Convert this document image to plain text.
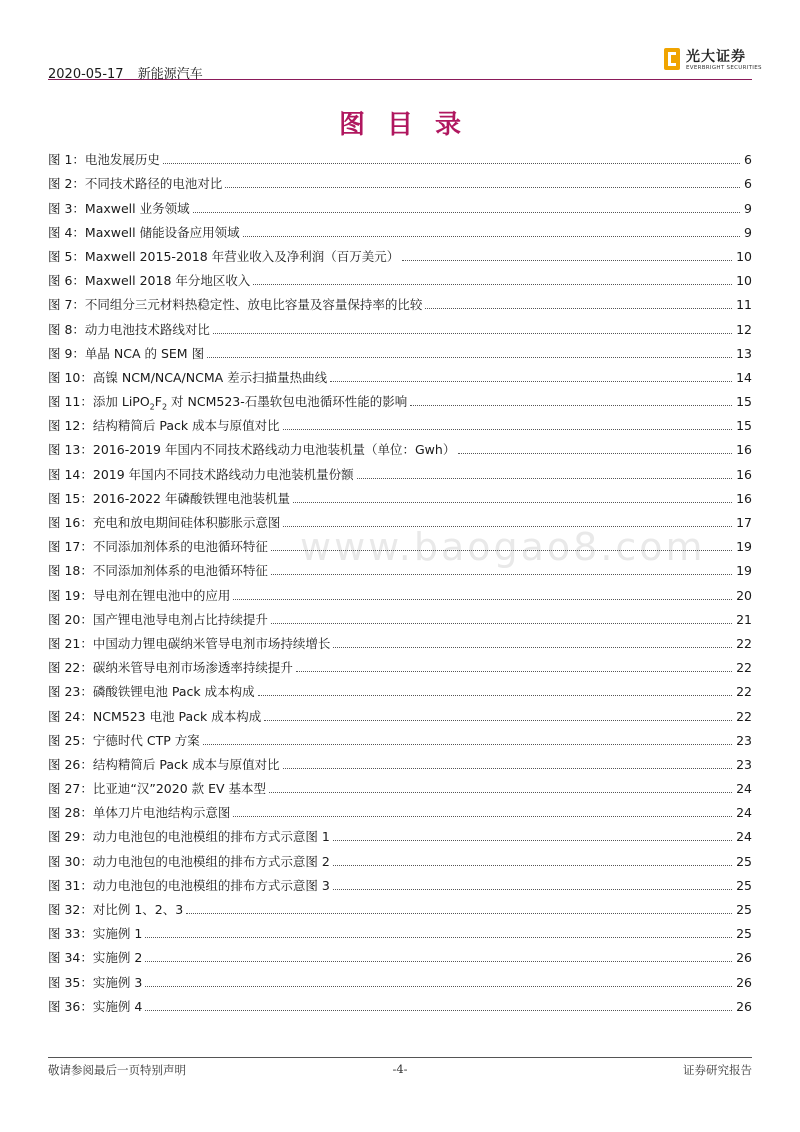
2020-05-17 新能源汽车
光大证券
EVERBRIGHT SECURITIES
图目录
www.baogao8.com
图 1：电池发展历史	6
图 2：不同技术路径的电池对比	6
图 3：Maxwell 业务领域	9
图 4：Maxwell 储能设备应用领域	9
图 5：Maxwell 2015-2018 年营业收入及净利润（百万美元）	10
图 6：Maxwell 2018 年分地区收入	10
图 7：不同组分三元材料热稳定性、放电比容量及容量保持率的比较	11
图 8：动力电池技术路线对比	12
图 9：单晶 NCA 的 SEM 图	13
图 10：高镍 NCM/NCA/NCMA 差示扫描量热曲线	14
图 11：添加 $LiPO_2F_2$ 对 NCM523-石墨软包电池循环性能的影响	15
图 12：结构精简后 Pack 成本与原值对比	15
图 13：2016-2019 年国内不同技术路线动力电池装机量（单位：Gwh）	16
图 14：2019 年国内不同技术路线动力电池装机量份额	16
图 15：2016-2022 年磷酸铁锂电池装机量	16
图 16：充电和放电期间硅体积膨胀示意图	17
图 17：不同添加剂体系的电池循环特征	19
图 18：不同添加剂体系的电池循环特征	19
图 19：导电剂在锂电池中的应用	20
图 20：国产锂电池导电剂占比持续提升	21
图 21：中国动力锂电碳纳米管导电剂市场持续增长	22
图 22：碳纳米管导电剂市场渗透率持续提升	22
图 23：磷酸铁锂电池 Pack 成本构成	22
图 24：NCM523 电池 Pack 成本构成	22
图 25：宁德时代 CTP 方案	23
图 26：结构精简后 Pack 成本与原值对比	23
图 27：比亚迪“汉”2020 款 EV 基本型	24
图 28：单体刀片电池结构示意图	24
图 29：动力电池包的电池模组的排布方式示意图 1	24
图 30：动力电池包的电池模组的排布方式示意图 2	25
图 31：动力电池包的电池模组的排布方式示意图 3	25
图 32：对比例 1、2、3	25
图 33：实施例 1	25
图 34：实施例 2	26
图 35：实施例 3	26
图 36：实施例 4	26
敬请参阅最后一页特别声明	-4-	证券研究报告
